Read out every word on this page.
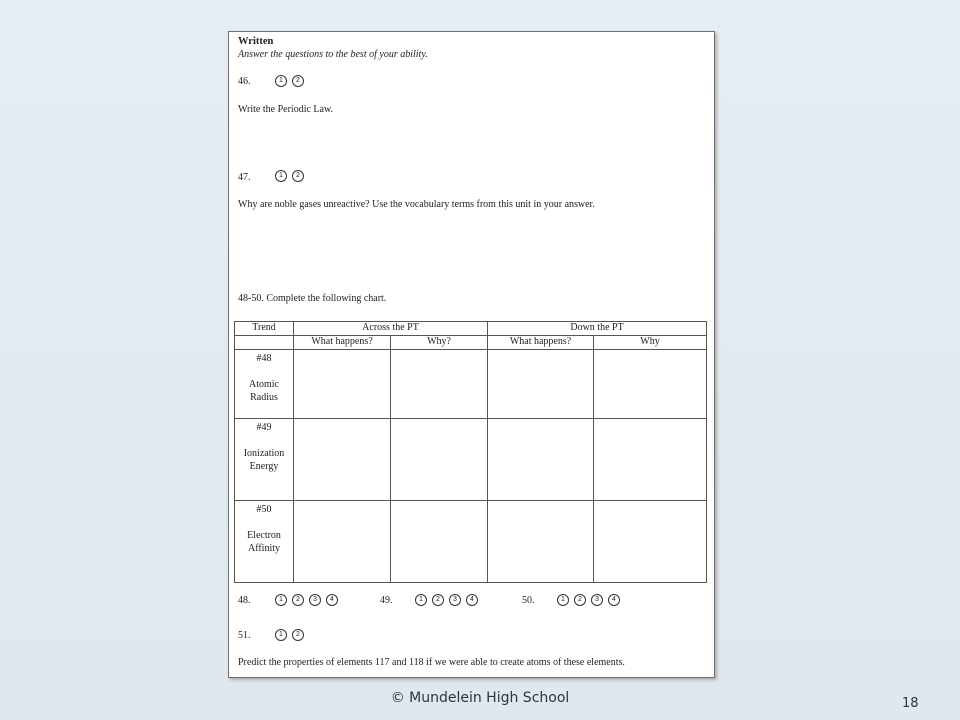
Written
Answer the questions to the best of your ability.
46.	1	2
Write the Periodic Law.
47.	1	2
Why are noble gases unreactive? Use the vocabulary terms from this unit in your answer.
48-50. Complete the following chart.
Trend	Across the PT		Down the PT	
	What happens?	Why?	What happens?	Why

#48
Atomic
Radius				

#49
Ionization
Energy				

#50
Electron
Affinity				

48.	1	2	3	4	49.	1	2	3	4	50.	1	2	3	4
51.	1	2
Predict the properties of elements 117 and 118 if we were able to create atoms of these elements.
© Mundelein High School	18
